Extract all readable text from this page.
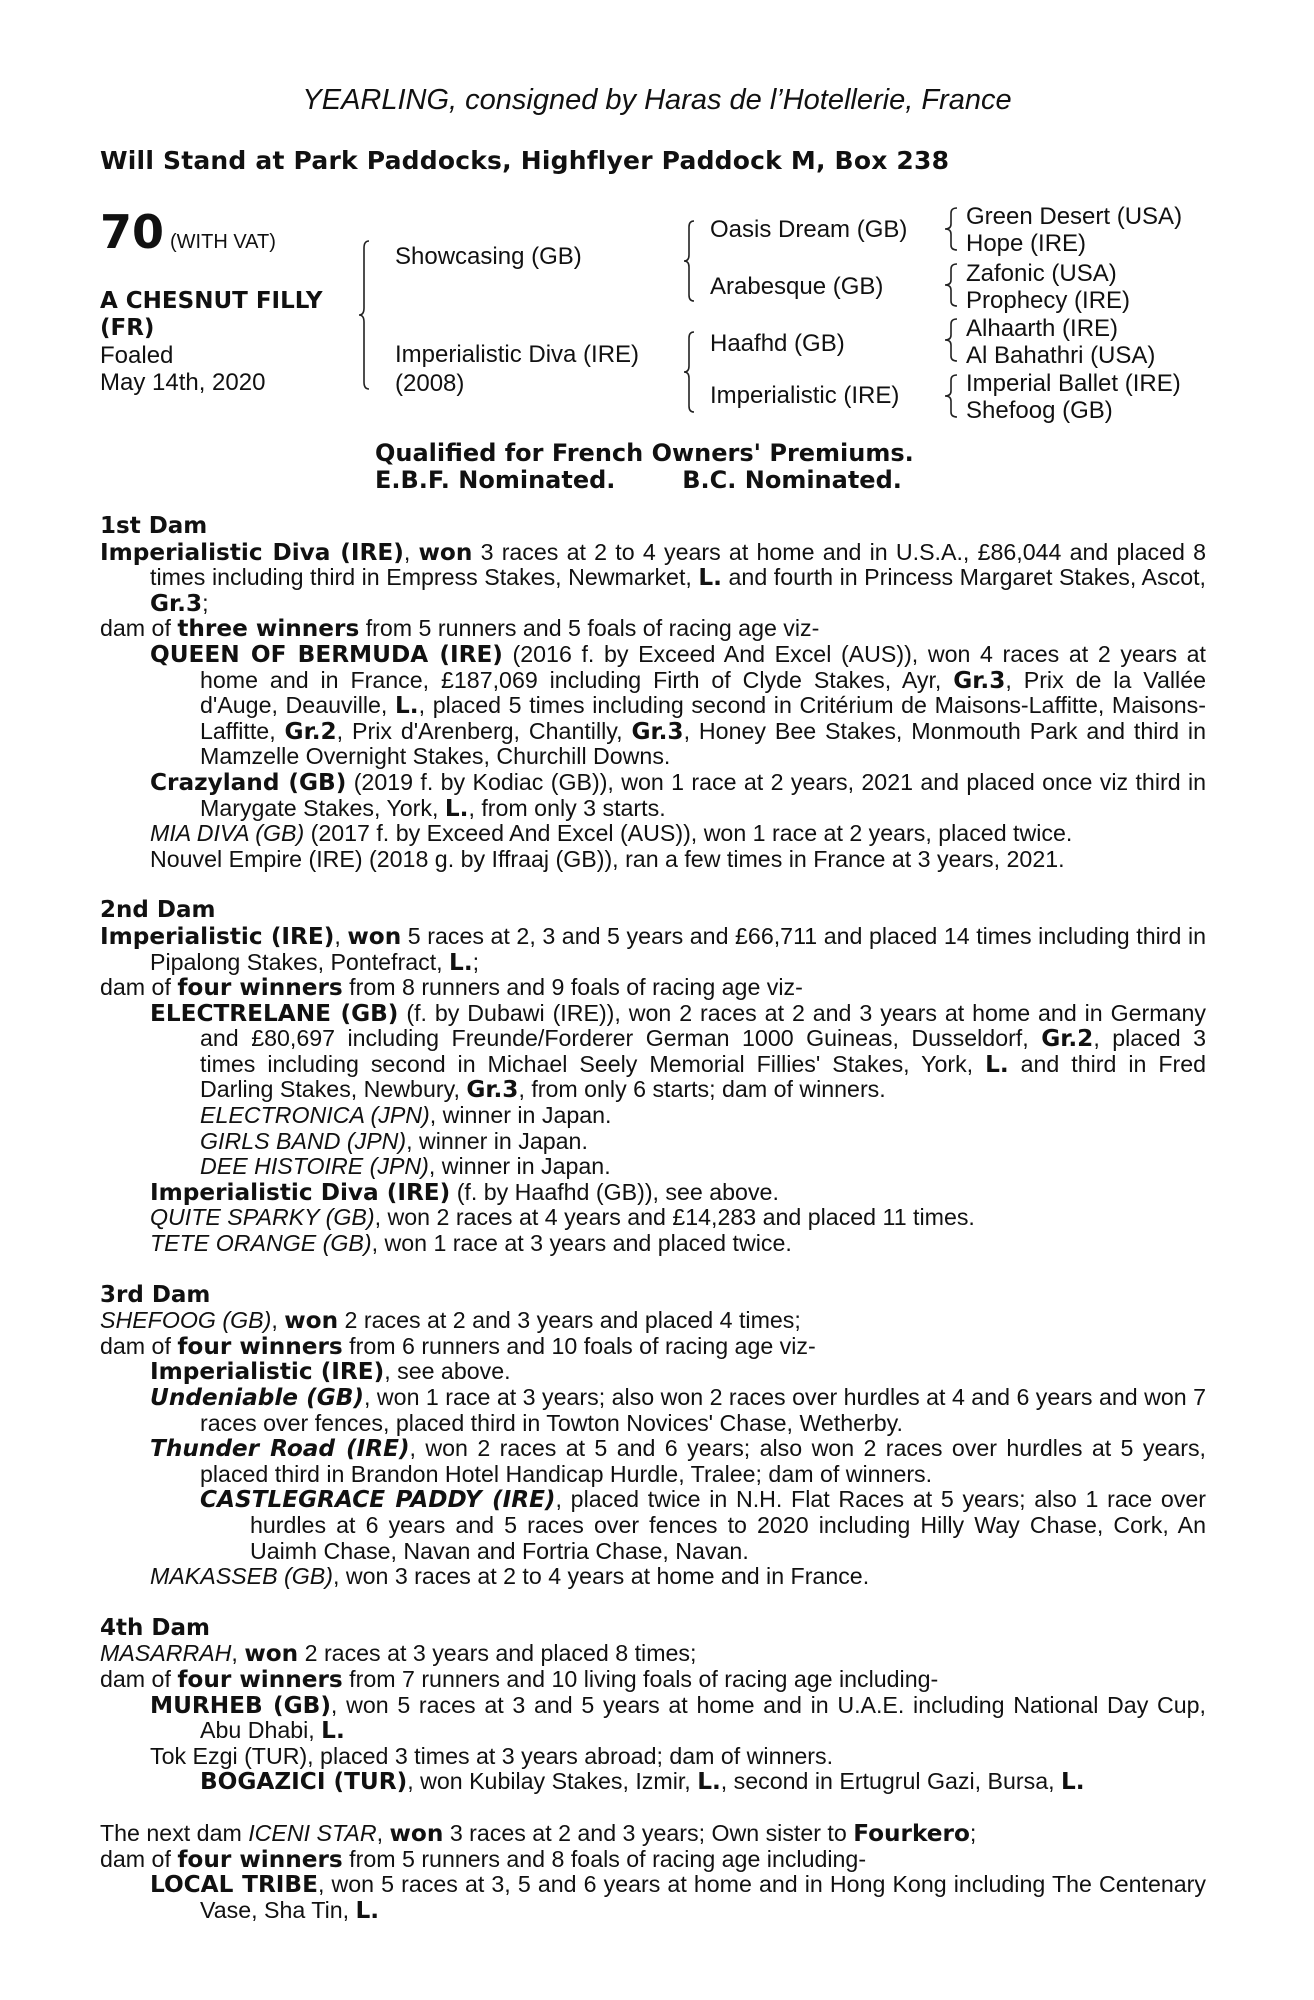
YEARLING, consigned by Haras de l’Hotellerie, France
Will Stand at Park Paddocks, Highflyer Paddock M, Box 238
70 (WITH VAT)
A CHESNUT FILLY
(FR)
Foaled
May 14th, 2020
Showcasing (GB)
Imperialistic Diva (IRE)
(2008)
Oasis Dream (GB)
Arabesque (GB)
Haafhd (GB)
Imperialistic (IRE)
Green Desert (USA)
Hope (IRE)
Zafonic (USA)
Prophecy (IRE)
Alhaarth (IRE)
Al Bahathri (USA)
Imperial Ballet (IRE)
Shefoog (GB)
Qualified for French Owners' Premiums.
E.B.F. Nominated.        B.C. Nominated.
1st Dam
Imperialistic Diva (IRE), won 3 races at 2 to 4 years at home and in U.S.A., £86,044 and placed 8 times including third in Empress Stakes, Newmarket, L. and fourth in Princess Margaret Stakes, Ascot, Gr.3;
dam of three winners from 5 runners and 5 foals of racing age viz-
QUEEN OF BERMUDA (IRE) (2016 f. by Exceed And Excel (AUS)), won 4 races at 2 years at home and in France, £187,069 including Firth of Clyde Stakes, Ayr, Gr.3, Prix de la Vallée d'Auge, Deauville, L., placed 5 times including second in Critérium de Maisons-Laffitte, Maisons-Laffitte, Gr.2, Prix d'Arenberg, Chantilly, Gr.3, Honey Bee Stakes, Monmouth Park and third in Mamzelle Overnight Stakes, Churchill Downs.
Crazyland (GB) (2019 f. by Kodiac (GB)), won 1 race at 2 years, 2021 and placed once viz third in Marygate Stakes, York, L., from only 3 starts.
MIA DIVA (GB) (2017 f. by Exceed And Excel (AUS)), won 1 race at 2 years, placed twice.
Nouvel Empire (IRE) (2018 g. by Iffraaj (GB)), ran a few times in France at 3 years, 2021.
2nd Dam
Imperialistic (IRE), won 5 races at 2, 3 and 5 years and £66,711 and placed 14 times including third in Pipalong Stakes, Pontefract, L.;
dam of four winners from 8 runners and 9 foals of racing age viz-
ELECTRELANE (GB) (f. by Dubawi (IRE)), won 2 races at 2 and 3 years at home and in Germany and £80,697 including Freunde/Forderer German 1000 Guineas, Dusseldorf, Gr.2, placed 3 times including second in Michael Seely Memorial Fillies' Stakes, York, L. and third in Fred Darling Stakes, Newbury, Gr.3, from only 6 starts; dam of winners.
ELECTRONICA (JPN), winner in Japan.
GIRLS BAND (JPN), winner in Japan.
DEE HISTOIRE (JPN), winner in Japan.
Imperialistic Diva (IRE) (f. by Haafhd (GB)), see above.
QUITE SPARKY (GB), won 2 races at 4 years and £14,283 and placed 11 times.
TETE ORANGE (GB), won 1 race at 3 years and placed twice.
3rd Dam
SHEFOOG (GB), won 2 races at 2 and 3 years and placed 4 times;
dam of four winners from 6 runners and 10 foals of racing age viz-
Imperialistic (IRE), see above.
Undeniable (GB), won 1 race at 3 years; also won 2 races over hurdles at 4 and 6 years and won 7 races over fences, placed third in Towton Novices' Chase, Wetherby.
Thunder Road (IRE), won 2 races at 5 and 6 years; also won 2 races over hurdles at 5 years, placed third in Brandon Hotel Handicap Hurdle, Tralee; dam of winners.
CASTLEGRACE PADDY (IRE), placed twice in N.H. Flat Races at 5 years; also 1 race over hurdles at 6 years and 5 races over fences to 2020 including Hilly Way Chase, Cork, An Uaimh Chase, Navan and Fortria Chase, Navan.
MAKASSEB (GB), won 3 races at 2 to 4 years at home and in France.
4th Dam
MASARRAH, won 2 races at 3 years and placed 8 times;
dam of four winners from 7 runners and 10 living foals of racing age including-
MURHEB (GB), won 5 races at 3 and 5 years at home and in U.A.E. including National Day Cup, Abu Dhabi, L.
Tok Ezgi (TUR), placed 3 times at 3 years abroad; dam of winners.
BOGAZICI (TUR), won Kubilay Stakes, Izmir, L., second in Ertugrul Gazi, Bursa, L.
The next dam ICENI STAR, won 3 races at 2 and 3 years; Own sister to Fourkero;
dam of four winners from 5 runners and 8 foals of racing age including-
LOCAL TRIBE, won 5 races at 3, 5 and 6 years at home and in Hong Kong including The Centenary Vase, Sha Tin, L.
